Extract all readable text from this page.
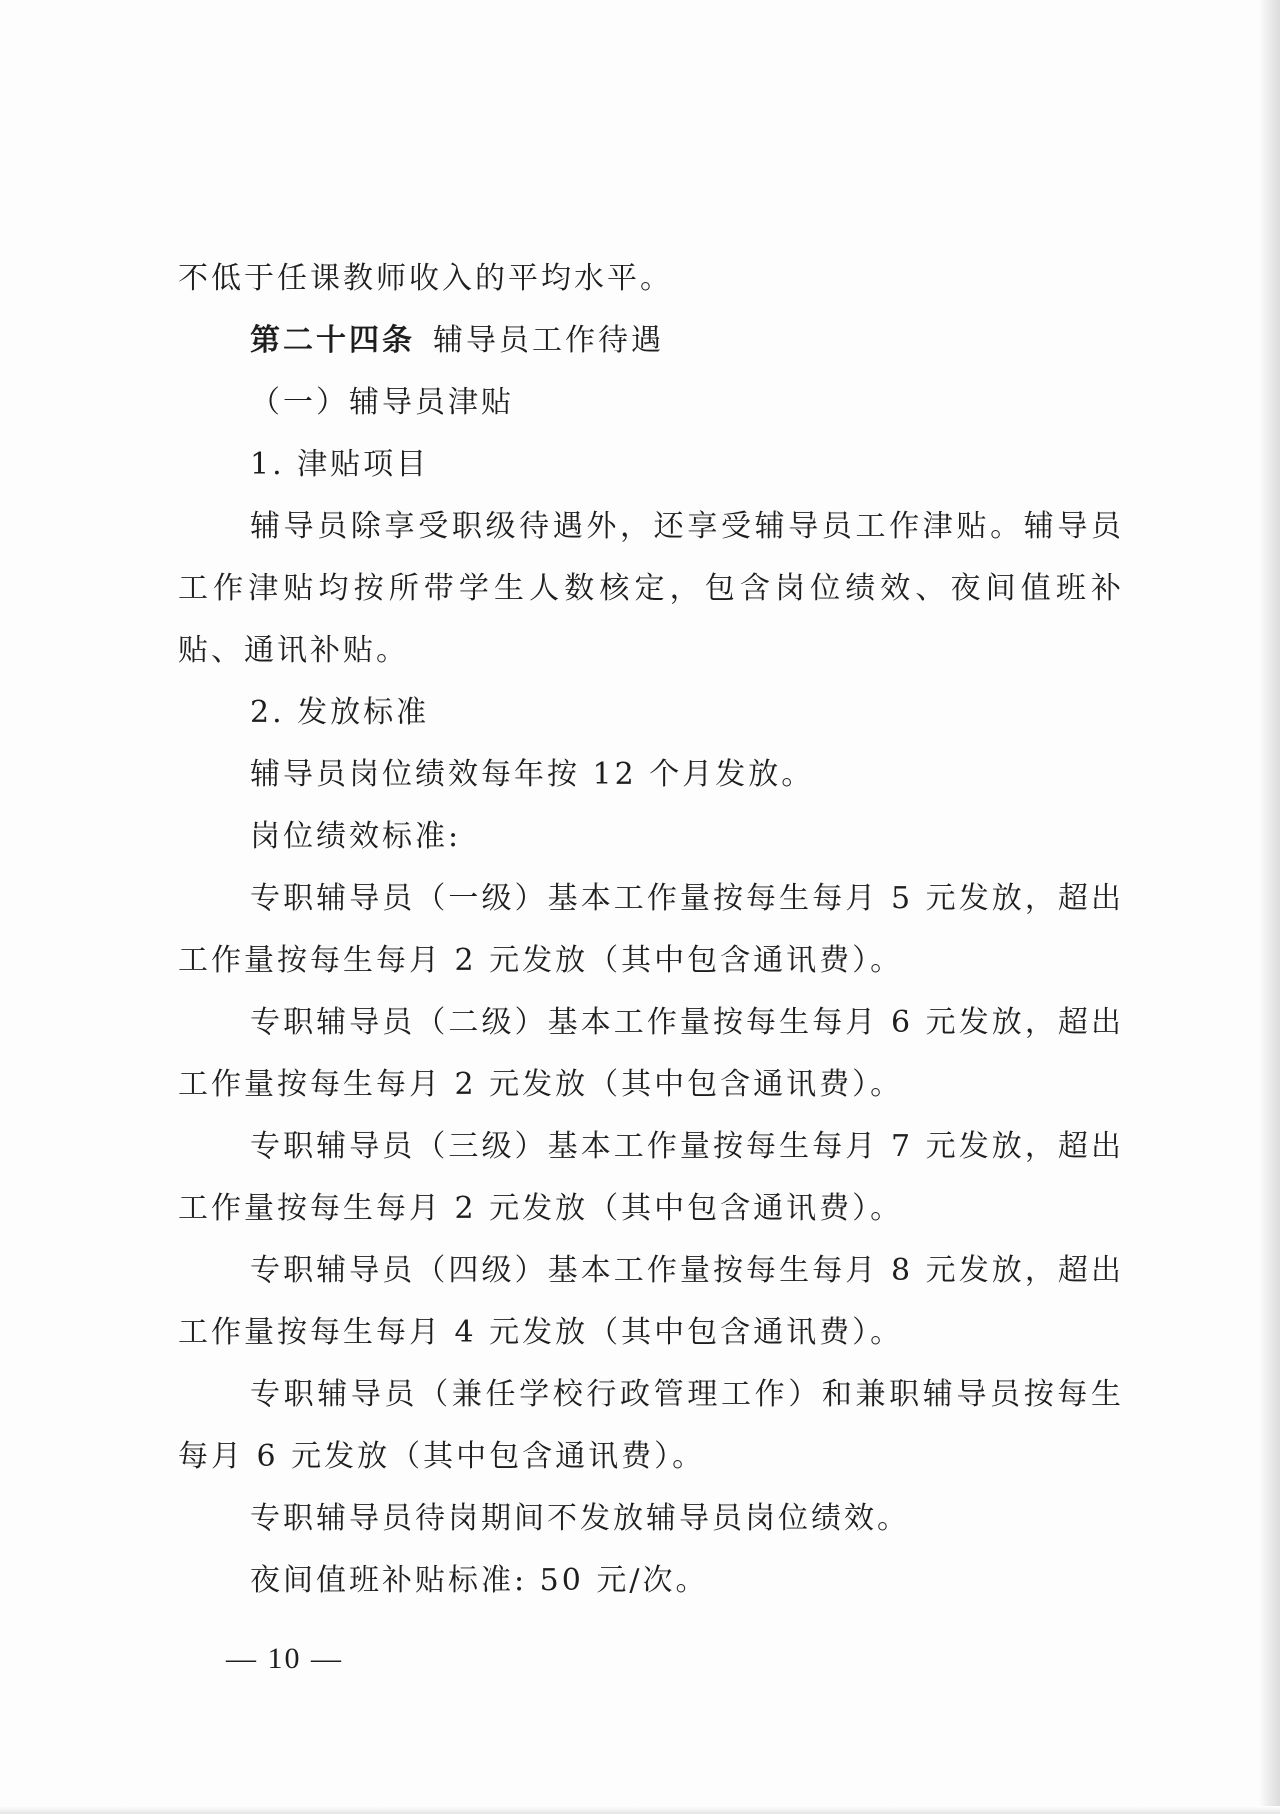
不低于任课教师收入的平均水平。

第二十四条 辅导员工作待遇

（一）辅导员津贴

1. 津贴项目

辅导员除享受职级待遇外，还享受辅导员工作津贴。辅导员工作津贴均按所带学生人数核定，包含岗位绩效、夜间值班补贴、通讯补贴。

2. 发放标准

辅导员岗位绩效每年按 12 个月发放。

岗位绩效标准:

专职辅导员（一级）基本工作量按每生每月 5 元发放，超出工作量按每生每月 2 元发放（其中包含通讯费）。

专职辅导员（二级）基本工作量按每生每月 6 元发放，超出工作量按每生每月 2 元发放（其中包含通讯费）。

专职辅导员（三级）基本工作量按每生每月 7 元发放，超出工作量按每生每月 2 元发放（其中包含通讯费）。

专职辅导员（四级）基本工作量按每生每月 8 元发放，超出工作量按每生每月 4 元发放（其中包含通讯费）。

专职辅导员（兼任学校行政管理工作）和兼职辅导员按每生每月 6 元发放（其中包含通讯费）。

专职辅导员待岗期间不发放辅导员岗位绩效。

夜间值班补贴标准: 50 元/次。

— 10 —
